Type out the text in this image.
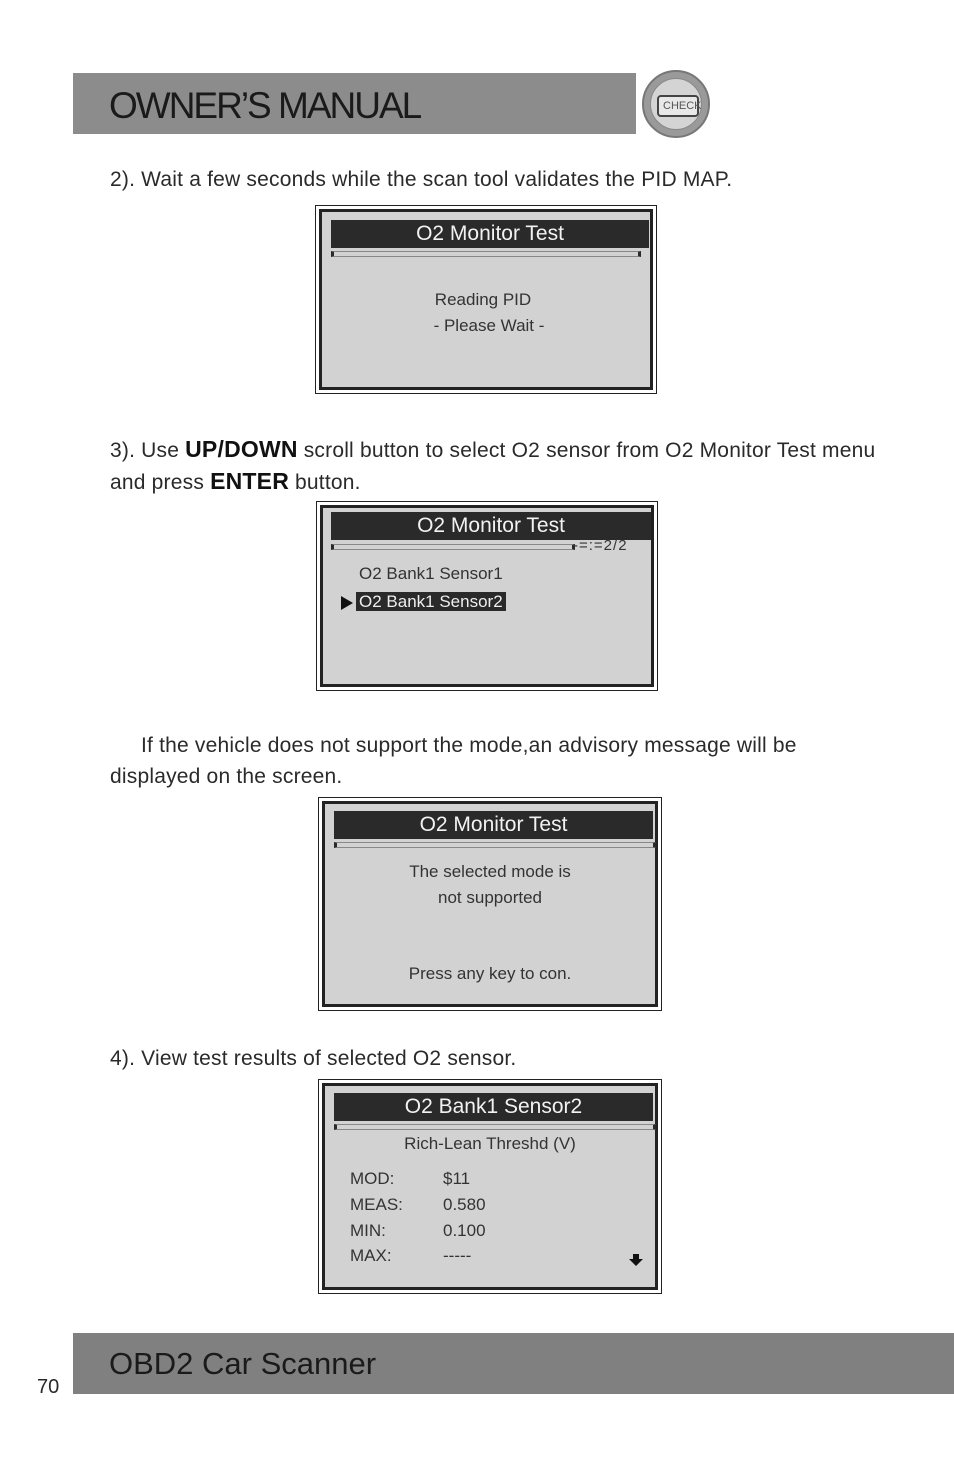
OWNER’S MANUAL	CHECK

2). Wait a few seconds while the scan tool validates the PID MAP.

O2 Monitor Test
Reading PID
- Please Wait -

3). Use UP/DOWN scroll button to select O2 sensor from O2 Monitor Test menu and press ENTER button.

O2 Monitor Test
-=:=2/2
O2 Bank1 Sensor1
O2 Bank1 Sensor2

If the vehicle does not support the mode,an advisory message will be displayed on the screen.

O2 Monitor Test
The selected mode is
not supported
Press any key to con.

4). View test results of selected O2 sensor.

O2 Bank1 Sensor2
Rich-Lean Threshd (V)
MOD:	$11
MEAS: 0.580
MIN:	0.100
MAX:	-----
70
OBD2 Car Scanner
